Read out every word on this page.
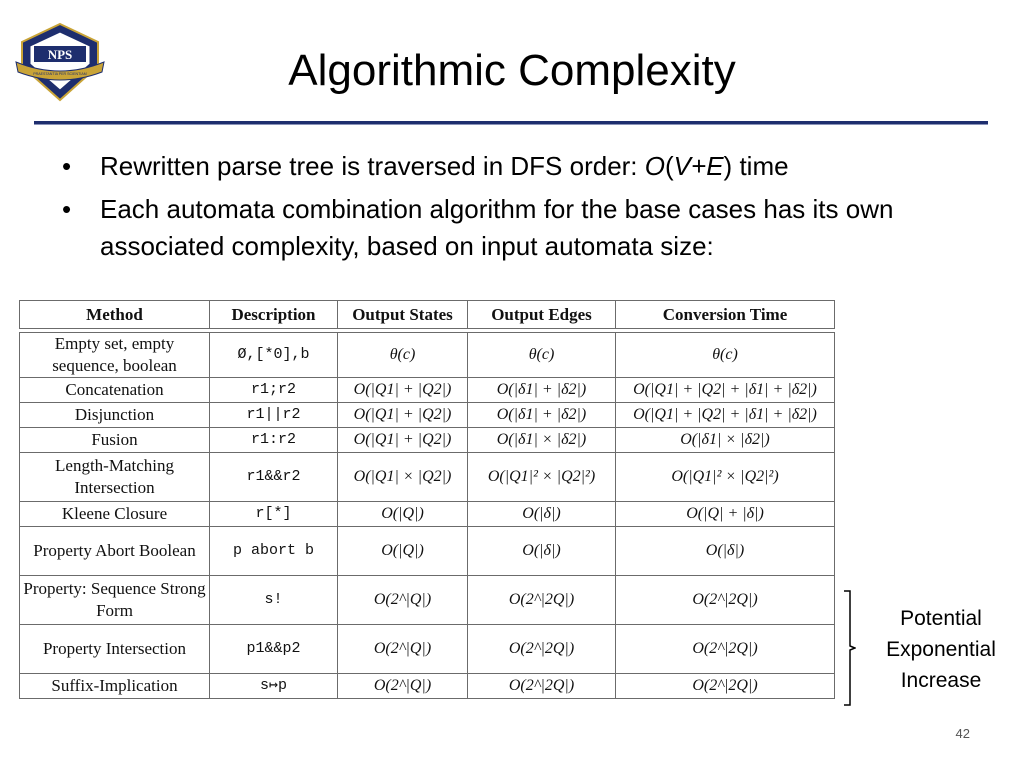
NPS
PRAESTANTIA PER SCIENTIAM	Algorithmic Complexity
• Rewritten parse tree is traversed in DFS order: O(V+E) time
• Each automata combination algorithm for the base cases has its own associated complexity, based on input automata size:
Method	Description	Output States	Output Edges	Conversion Time

Empty set, empty sequence, boolean	Ø,[*0],b	θ(c)	θ(c)	θ(c)
Concatenation	r1;r2	O(|Q1| + |Q2|)	O(|δ1| + |δ2|)	O(|Q1| + |Q2| + |δ1| + |δ2|)
Disjunction	r1||r2	O(|Q1| + |Q2|)	O(|δ1| + |δ2|)	O(|Q1| + |Q2| + |δ1| + |δ2|)
Fusion	r1:r2	O(|Q1| + |Q2|)	O(|δ1| × |δ2|)	O(|δ1| × |δ2|)
Length-Matching Intersection	r1&&r2	O(|Q1| × |Q2|)	O(|Q1|² × |Q2|²)	O(|Q1|² × |Q2|²)
Kleene Closure	r[*]	O(|Q|)	O(|δ|)	O(|Q| + |δ|)
Property Abort Boolean	p abort b	O(|Q|)	O(|δ|)	O(|δ|)
Property: Sequence Strong Form	s!	O(2^|Q|)	O(2^|2Q|)	O(2^|2Q|)
Property Intersection	p1&&p2	O(2^|Q|)	O(2^|2Q|)	O(2^|2Q|)
Suffix-Implication	s↦p	O(2^|Q|)	O(2^|2Q|)	O(2^|2Q|)
Potential
Exponential
Increase
42
